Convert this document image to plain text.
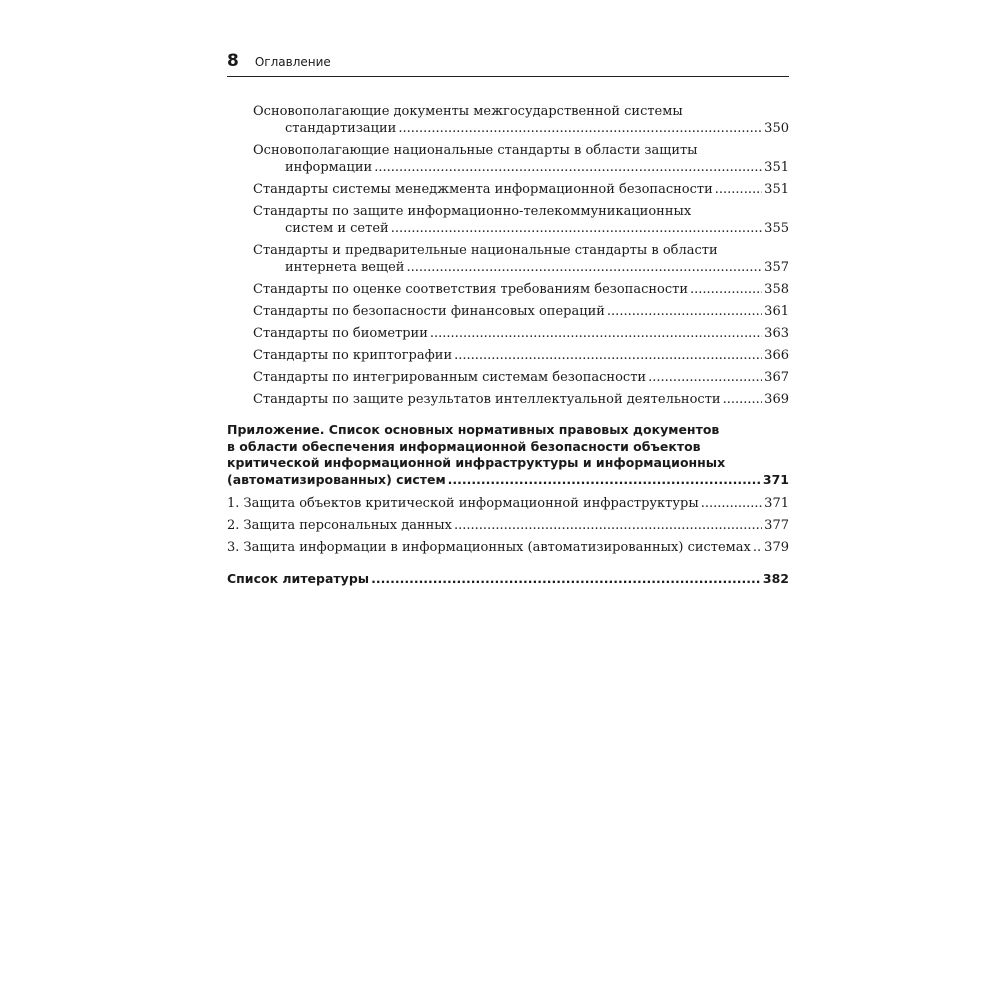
8 Оглавление
Основополагающие документы межгосударственной системы
стандартизации .....	350
Основополагающие национальные стандарты в области защиты
информации .....	351
Стандарты системы менеджмента информационной безопасности .....	351
Стандарты по защите информационно-телекоммуникационных
систем и сетей .....	355
Стандарты и предварительные национальные стандарты в области
интернета вещей .....	357
Стандарты по оценке соответствия требованиям безопасности .....	358
Стандарты по безопасности финансовых операций .....	361
Стандарты по биометрии .....	363
Стандарты по криптографии .....	366
Стандарты по интегрированным системам безопасности .....	367
Стандарты по защите результатов интеллектуальной деятельности .....	369
Приложение. Список основных нормативных правовых документов
в области обеспечения информационной безопасности объектов
критической информационной инфраструктуры и информационных
(автоматизированных) систем .....	371
1. Защита объектов критической информационной инфраструктуры .....	371
2. Защита персональных данных .....	377
3. Защита информации в информационных (автоматизированных) системах ..... 379
Список литературы .....	382
